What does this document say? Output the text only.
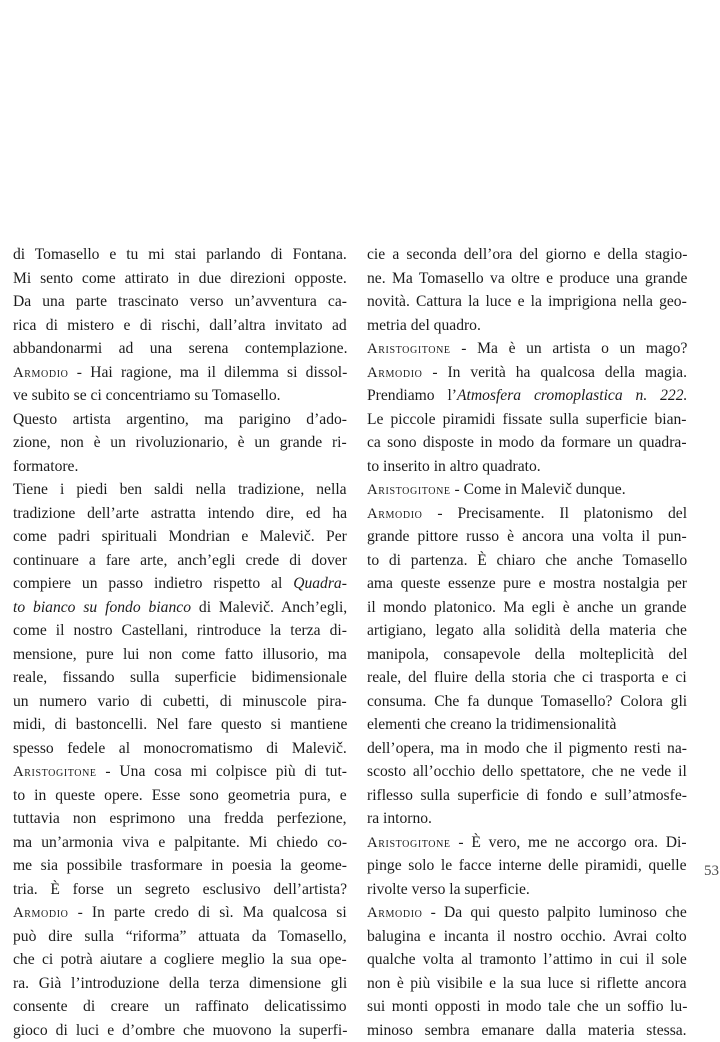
di Tomasello e tu mi stai parlando di Fontana.
Mi sento come attirato in due direzioni opposte.
Da una parte trascinato verso un’avventura ca-
rica di mistero e di rischi, dall’altra invitato ad
abbandonarmi ad una serena contemplazione.
Armodio - Hai ragione, ma il dilemma si dissol-
ve subito se ci concentriamo su Tomasello.
Questo artista argentino, ma parigino d’ado-
zione, non è un rivoluzionario, è un grande ri-
formatore.
Tiene i piedi ben saldi nella tradizione, nella
tradizione dell’arte astratta intendo dire, ed ha
come padri spirituali Mondrian e Malevič. Per
continuare a fare arte, anch’egli crede di dover
compiere un passo indietro rispetto al Quadra-
to bianco su fondo bianco di Malevič. Anch’egli,
come il nostro Castellani, rintroduce la terza di-
mensione, pure lui non come fatto illusorio, ma
reale, fissando sulla superficie bidimensionale
un numero vario di cubetti, di minuscole pira-
midi, di bastoncelli. Nel fare questo si mantiene
spesso fedele al monocromatismo di Malevič.
Aristogitone - Una cosa mi colpisce più di tut-
to in queste opere. Esse sono geometria pura, e
tuttavia non esprimono una fredda perfezione,
ma un’armonia viva e palpitante. Mi chiedo co-
me sia possibile trasformare in poesia la geome-
tria. È forse un segreto esclusivo dell’artista?
Armodio - In parte credo di sì. Ma qualcosa si
può dire sulla “riforma” attuata da Tomasello,
che ci potrà aiutare a cogliere meglio la sua ope-
ra. Già l’introduzione della terza dimensione gli
consente di creare un raffinato delicatissimo
gioco di luci e d’ombre che muovono la superfi-
cie a seconda dell’ora del giorno e della stagio-
ne. Ma Tomasello va oltre e produce una grande
novità. Cattura la luce e la imprigiona nella geo-
metria del quadro.
Aristogitone - Ma è un artista o un mago?
Armodio - In verità ha qualcosa della magia.
Prendiamo l’Atmosfera cromoplastica n. 222.
Le piccole piramidi fissate sulla superficie bian-
ca sono disposte in modo da formare un quadra-
to inserito in altro quadrato.
Aristogitone - Come in Malevič dunque.
Armodio - Precisamente. Il platonismo del
grande pittore russo è ancora una volta il pun-
to di partenza. È chiaro che anche Tomasello
ama queste essenze pure e mostra nostalgia per
il mondo platonico. Ma egli è anche un grande
artigiano, legato alla solidità della materia che
manipola, consapevole della molteplicità del
reale, del fluire della storia che ci trasporta e ci
consuma. Che fa dunque Tomasello? Colora gli
elementi che creano la tridimensionalità
dell’opera, ma in modo che il pigmento resti na-
scosto all’occhio dello spettatore, che ne vede il
riflesso sulla superficie di fondo e sull’atmosfe-
ra intorno.
Aristogitone - È vero, me ne accorgo ora. Di-
pinge solo le facce interne delle piramidi, quelle
rivolte verso la superficie.
Armodio - Da qui questo palpito luminoso che
balugina e incanta il nostro occhio. Avrai colto
qualche volta al tramonto l’attimo in cui il sole
non è più visibile e la sua luce si riflette ancora
sui monti opposti in modo tale che un soffio lu-
minoso sembra emanare dalla materia stessa.
53
